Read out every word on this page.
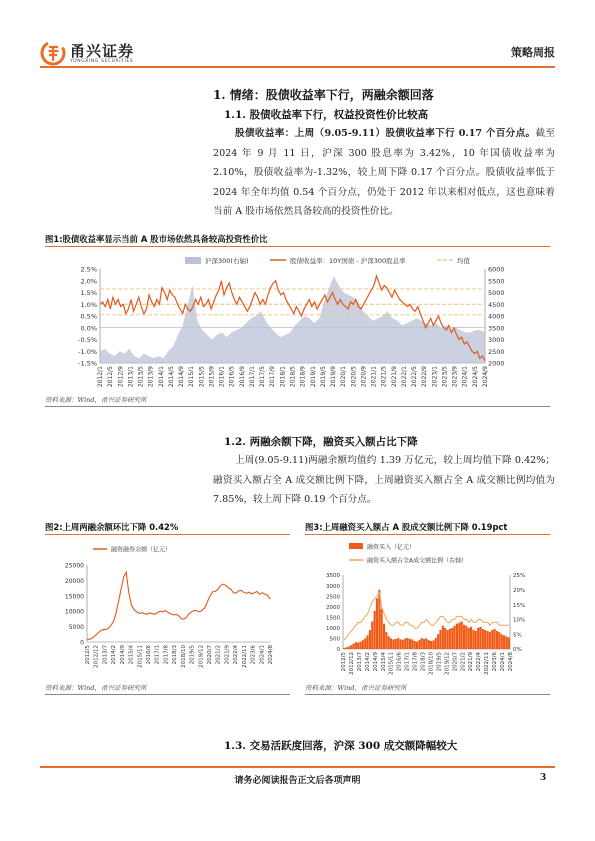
甬兴证券
YONGXING SECURITIES
策略周报
1. 情绪：股债收益率下行，两融余额回落
1.1. 股债收益率下行，权益投资性价比较高
股债收益率：上周（9.05-9.11）股债收益率下行 0.17 个百分点。截至 2024 年 9 月 11 日，沪深 300 股息率为 3.42%，10 年国债收益率为 2.10%，股债收益率为-1.32%，较上周下降 0.17 个百分点。股债收益率低于 2024 年全年均值 0.54 个百分点，仍处于 2012 年以来相对低点，这也意味着当前 A 股市场依然具备较高的投资性价比。
图1:股债收益率显示当前 A 股市场依然具备较高投资性价比
沪深300(右轴)	股债收益率：10Y国债 - 沪深300股息率	均值
2.5%
2.0%
1.5%
1.0%
0.5%
0.0%
-0.5%
-1.0%
-1.5%
6000
5500
5000
4500
4000
3500
3000
2500
2000
2012/1 2012/5 2012/9 2013/1 2013/5 2013/9 2014/1 2014/5 2014/9 2015/1 2015/5 2015/9 2016/1 2016/5 2016/9 2017/1 2017/5 2017/9 2018/1 2018/5 2018/9 2019/1 2019/5 2019/9 2020/1 2020/5 2020/9 2021/1 2021/5 2021/9 2022/1 2022/5 2022/9 2023/1 2023/5 2023/9 2024/1 2024/5 2024/9
资料来源：Wind，甬兴证券研究所
1.2. 两融余额下降，融资买入额占比下降
上周(9.05-9.11)两融余额均值约 1.39 万亿元，较上周均值下降 0.42%；融资买入额占全 A 成交额比例下降，上周融资买入额占全 A 成交额比例均值为 7.85%，较上周下降 0.19 个百分点。
图2:上周两融余额环比下降 0.42%
融资融券余额（亿元）
25000
20000
15000
10000
5000
0
2012/5 2012/12 2013/7 2014/2 2014/9 2015/4 2015/11 2016/6 2017/1 2017/8 2018/3 2018/10 2019/5 2019/12 2020/7 2021/2 2021/9 2022/4 2022/11 2023/6 2024/1 2024/8
资料来源：Wind，甬兴证券研究所
图3:上周融资买入额占 A 股成交额比例下降 0.19pct
融资买入（亿元）
融资买入额占全A成交额比例（右轴）
3500
3000
2500
2000
1500
1000
500
0
25%
20%
15%
10%
5%
0%
2012/5 2012/12 2013/7 2014/2 2014/9 2015/4 2015/11 2016/6 2017/1 2017/8 2018/3 2018/10 2019/5 2019/12 2020/7 2021/2 2021/9 2022/4 2022/11 2023/6 2024/1 2024/8
资料来源：Wind，甬兴证券研究所
1.3. 交易活跃度回落，沪深 300 成交额降幅较大
请务必阅读报告正文后各项声明	3
